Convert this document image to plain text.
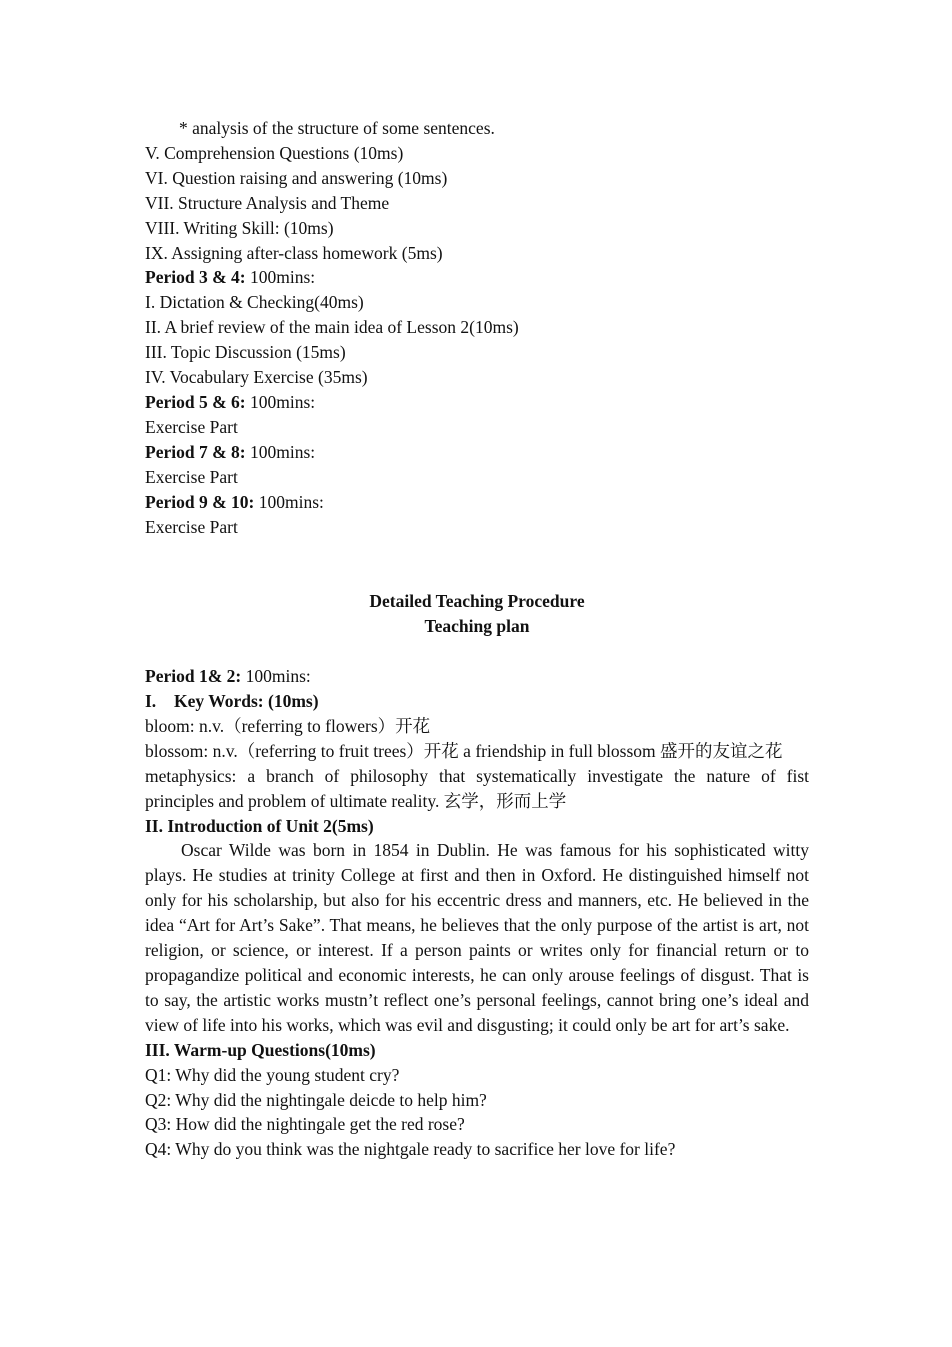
* analysis of the structure of some sentences.
V. Comprehension Questions (10ms)
VI. Question raising and answering (10ms)
VII. Structure Analysis and Theme
VIII. Writing Skill: (10ms)
IX. Assigning after-class homework (5ms)
Period 3 & 4: 100mins:
I. Dictation & Checking(40ms)
II. A brief review of the main idea of Lesson 2(10ms)
III. Topic Discussion (15ms)
IV. Vocabulary Exercise (35ms)
Period 5 & 6: 100mins:
Exercise Part
Period 7 & 8: 100mins:
Exercise Part
Period 9 & 10: 100mins:
Exercise Part
Detailed Teaching Procedure
Teaching plan
Period 1& 2: 100mins:
I. Key Words: (10ms)
bloom: n.v.（referring to flowers）开花
blossom: n.v.（referring to fruit trees）开花 a friendship in full blossom 盛开的友谊之花
metaphysics: a branch of philosophy that systematically investigate the nature of fist principles and problem of ultimate reality. 玄学，形而上学
II. Introduction of Unit 2(5ms)
Oscar Wilde was born in 1854 in Dublin. He was famous for his sophisticated witty plays. He studies at trinity College at first and then in Oxford. He distinguished himself not only for his scholarship, but also for his eccentric dress and manners, etc. He believed in the idea “Art for Art’s Sake”. That means, he believes that the only purpose of the artist is art, not religion, or science, or interest. If a person paints or writes only for financial return or to propagandize political and economic interests, he can only arouse feelings of disgust. That is to say, the artistic works mustn’t reflect one’s personal feelings, cannot bring one’s ideal and view of life into his works, which was evil and disgusting; it could only be art for art’s sake.
III. Warm-up Questions(10ms)
Q1: Why did the young student cry?
Q2: Why did the nightingale deicde to help him?
Q3: How did the nightingale get the red rose?
Q4: Why do you think was the nightgale ready to sacrifice her love for life?
